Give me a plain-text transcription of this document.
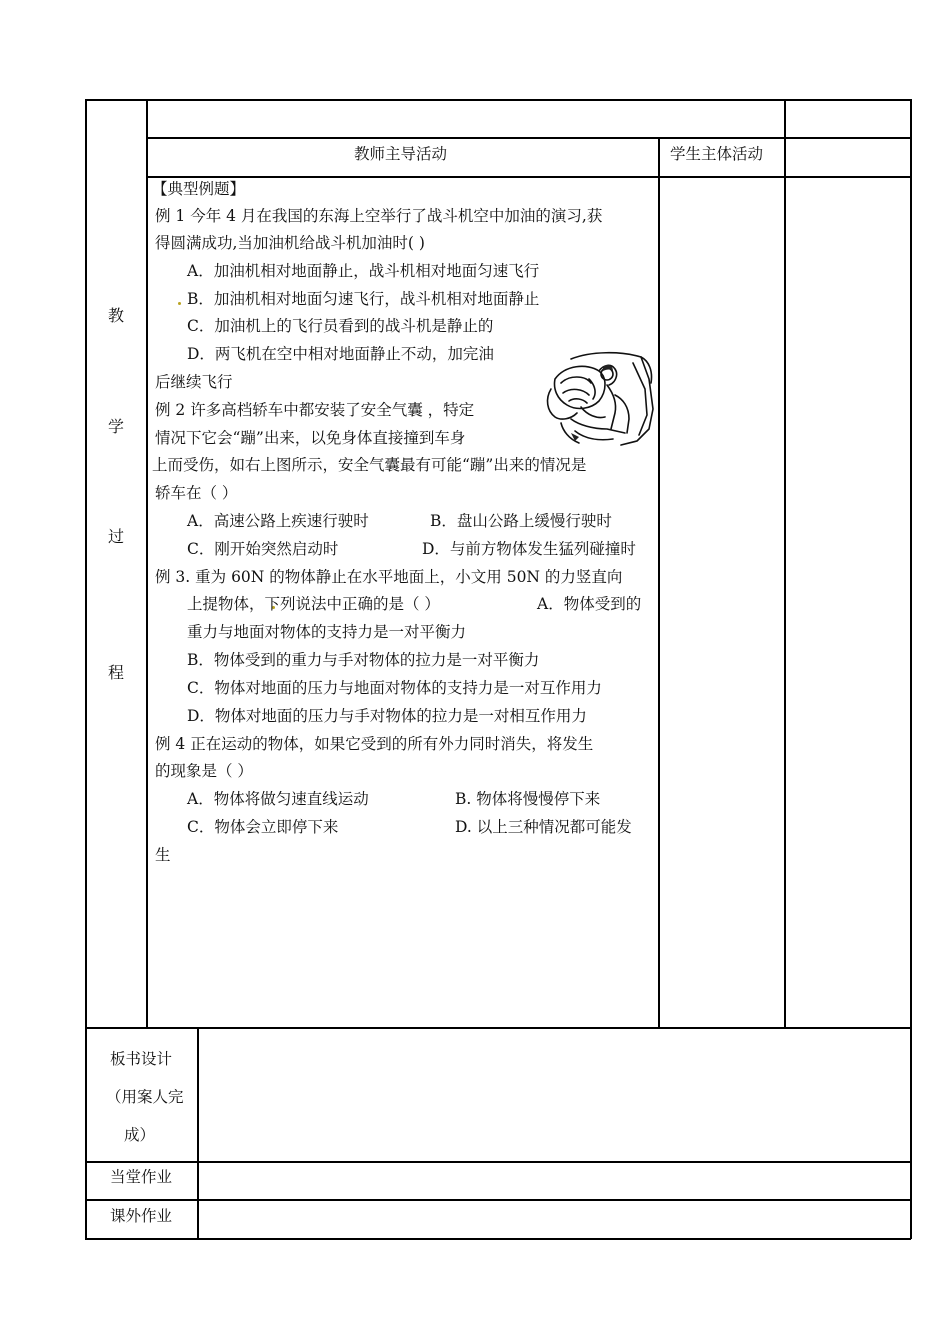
教师主导活动	学生主体活动
教
学
过
程
【典型例题】
例 1 今年 4 月在我国的东海上空举行了战斗机空中加油的演习,获
得圆满成功,当加油机给战斗机加油时( )
A．加油机相对地面静止，战斗机相对地面匀速飞行
B．加油机相对地面匀速飞行，战斗机相对地面静止
C．加油机上的飞行员看到的战斗机是静止的
D．两飞机在空中相对地面静止不动，加完油
后继续飞行
例 2 许多高档轿车中都安装了安全气囊 ，特定
情况下它会“蹦”出来，以免身体直接撞到车身
上而受伤，如右上图所示，安全气囊最有可能“蹦”出来的情况是
轿车在（ ）
A．高速公路上疾速行驶时	B．盘山公路上缓慢行驶时
C．刚开始突然启动时	D．与前方物体发生猛列碰撞时
例 3. 重为 60N 的物体静止在水平地面上，小文用 50N 的力竖直向
上提物体，下列说法中正确的是（ ）	A．物体受到的
重力与地面对物体的支持力是一对平衡力
B．物体受到的重力与手对物体的拉力是一对平衡力
C．物体对地面的压力与地面对物体的支持力是一对互作用力
D．物体对地面的压力与手对物体的拉力是一对相互作用力
例 4 正在运动的物体，如果它受到的所有外力同时消失，将发生
的现象是（ ）
A．物体将做匀速直线运动	B. 物体将慢慢停下来
C．物体会立即停下来	D. 以上三种情况都可能发
生
板书设计
（用案人完
成）
当堂作业
课外作业
